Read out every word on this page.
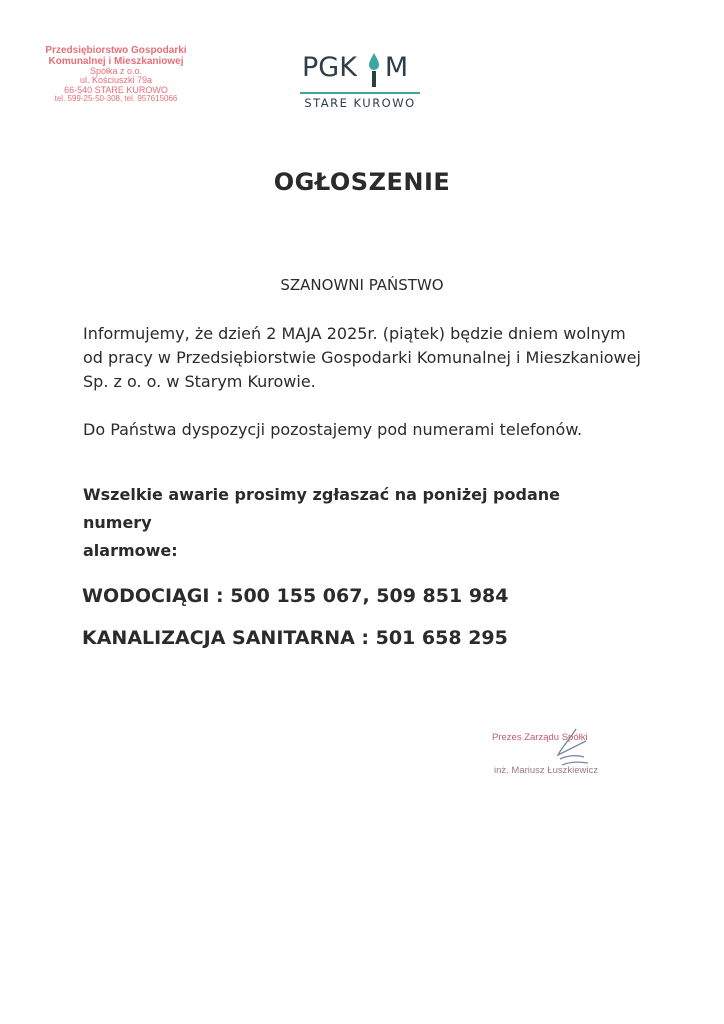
Przedsiębiorstwo Gospodarki
Komunalnej i Mieszkaniowej
Spółka z o.o.
ul. Kościuszki 79a
66-540 STARE KUROWO
tel. 599-25-50-308, tel. 957615066
PGK M
STARE KUROWO
OGŁOSZENIE
SZANOWNI PAŃSTWO
Informujemy, że dzień 2 MAJA 2025r. (piątek) będzie dniem wolnym
od pracy w Przedsiębiorstwie Gospodarki Komunalnej i Mieszkaniowej
Sp. z o. o. w Starym Kurowie.
Do Państwa dyspozycji pozostajemy pod numerami telefonów.
Wszelkie awarie prosimy zgłaszać na poniżej podane numery
alarmowe:
WODOCIĄGI : 500 155 067, 509 851 984
KANALIZACJA SANITARNA : 501 658 295
Prezes Zarządu Spółki
inż. Mariusz Łuszkiewicz
